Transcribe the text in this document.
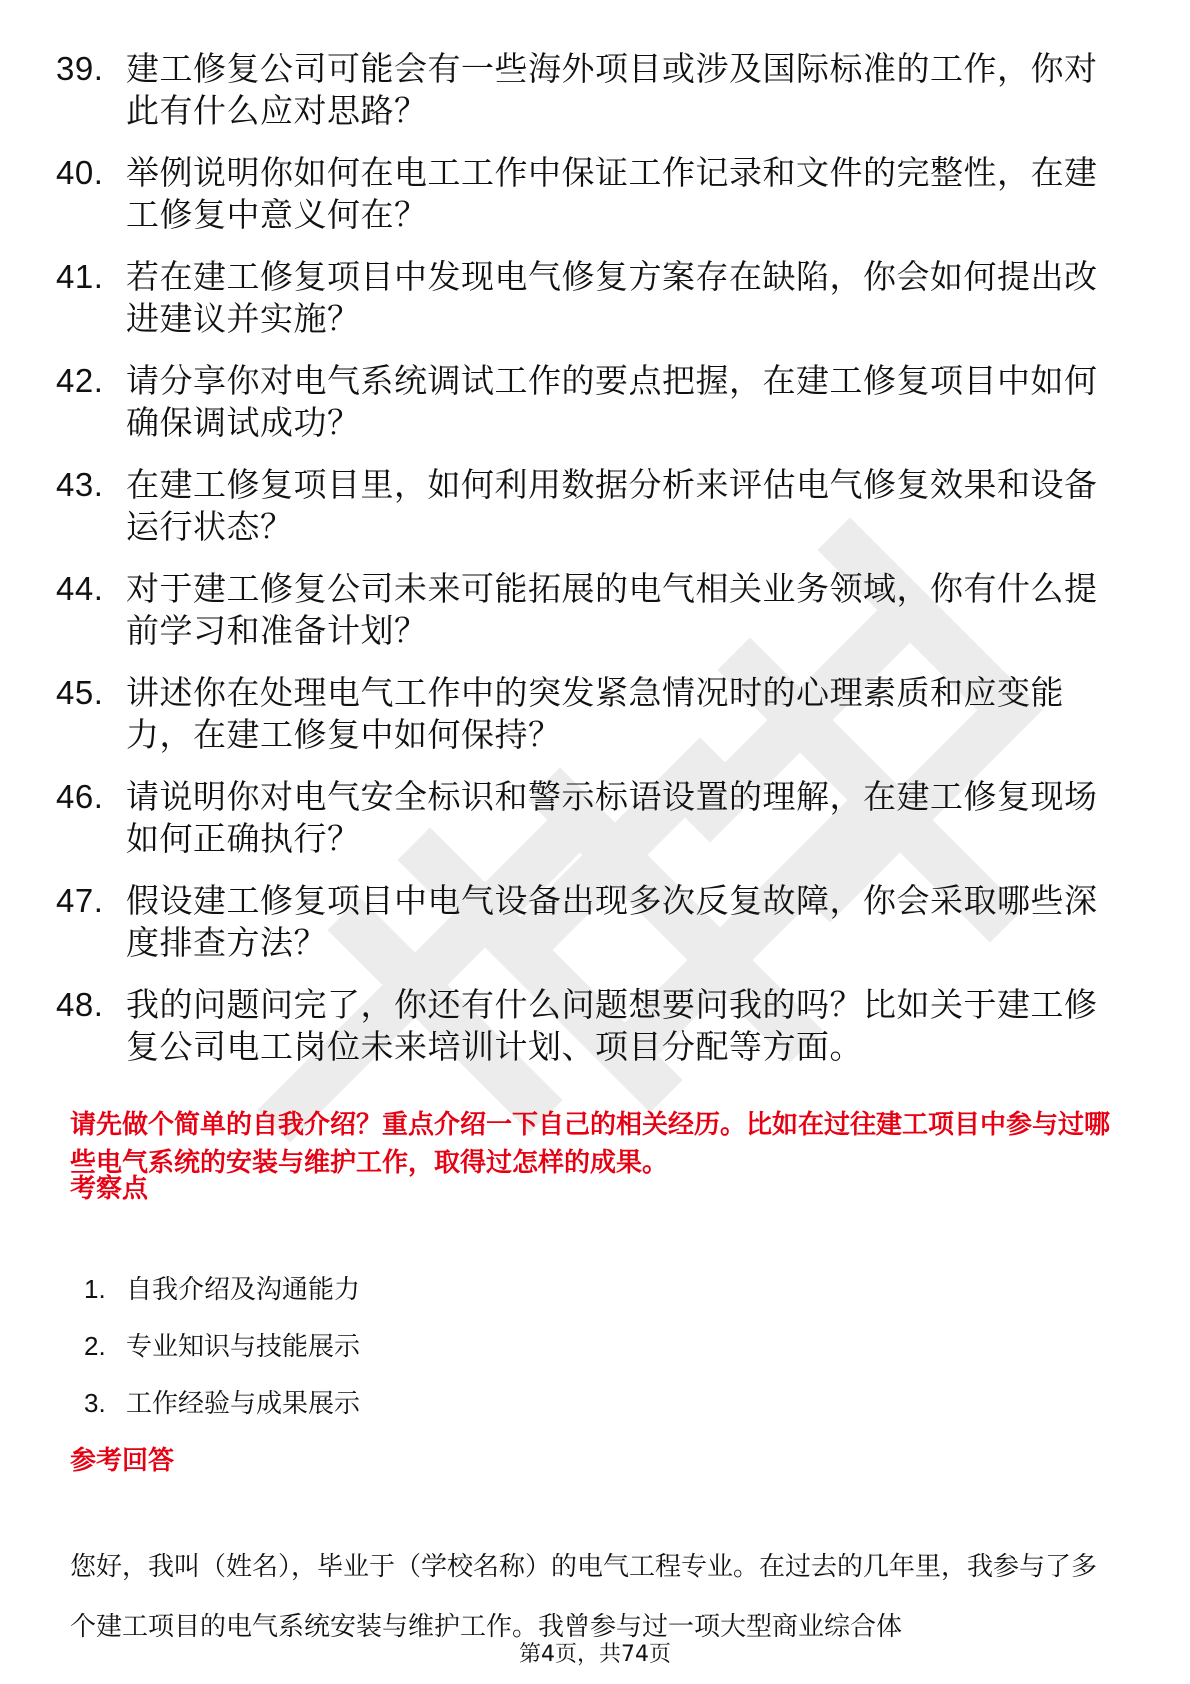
39. 建工修复公司可能会有一些海外项目或涉及国际标准的工作，你对此有什么应对思路？
40. 举例说明你如何在电工工作中保证工作记录和文件的完整性，在建工修复中意义何在？
41. 若在建工修复项目中发现电气修复方案存在缺陷，你会如何提出改进建议并实施？
42. 请分享你对电气系统调试工作的要点把握，在建工修复项目中如何确保调试成功？
43. 在建工修复项目里，如何利用数据分析来评估电气修复效果和设备运行状态？
44. 对于建工修复公司未来可能拓展的电气相关业务领域，你有什么提前学习和准备计划？
45. 讲述你在处理电气工作中的突发紧急情况时的心理素质和应变能力，在建工修复中如何保持？
46. 请说明你对电气安全标识和警示标语设置的理解，在建工修复现场如何正确执行？
47. 假设建工修复项目中电气设备出现多次反复故障，你会采取哪些深度排查方法？
48. 我的问题问完了，你还有什么问题想要问我的吗？比如关于建工修复公司电工岗位未来培训计划、项目分配等方面。

请先做个简单的自我介绍？重点介绍一下自己的相关经历。比如在过往建工项目中参与过哪些电气系统的安装与维护工作，取得过怎样的成果。

考察点
1. 自我介绍及沟通能力
2. 专业知识与技能展示
3. 工作经验与成果展示
参考回答

您好，我叫（姓名），毕业于（学校名称）的电气工程专业。在过去的几年里，我参与了多个建工项目的电气系统安装与维护工作。我曾参与过一项大型商业综合体

第4页，共74页
